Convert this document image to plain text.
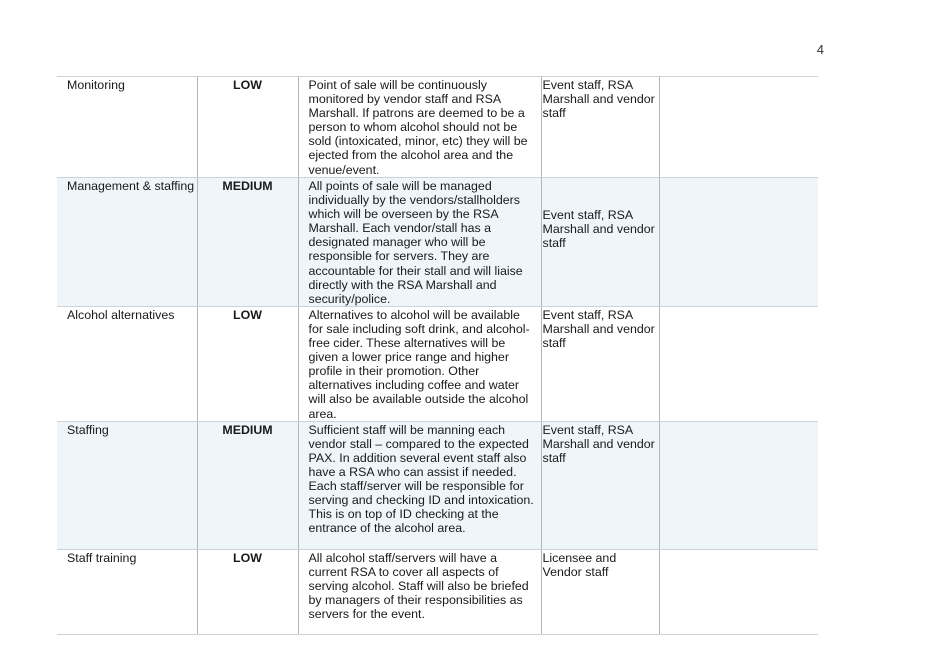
4
Monitoring	LOW	Point of sale will be continuously monitored by vendor staff and RSA Marshall. If patrons are deemed to be a person to whom alcohol should not be sold (intoxicated, minor, etc) they will be ejected from the alcohol area and the venue/event.	Event staff, RSA Marshall and vendor staff	
Management & staffing	MEDIUM	All points of sale will be managed individually by the vendors/stallholders which will be overseen by the RSA Marshall. Each vendor/stall has a designated manager who will be responsible for servers. They are accountable for their stall and will liaise directly with the RSA Marshall and security/police.	Event staff, RSA Marshall and vendor staff	
Alcohol alternatives	LOW	Alternatives to alcohol will be available for sale including soft drink, and alcohol-free cider. These alternatives will be given a lower price range and higher profile in their promotion. Other alternatives including coffee and water will also be available outside the alcohol area.	Event staff, RSA Marshall and vendor staff	
Staffing	MEDIUM	Sufficient staff will be manning each vendor stall – compared to the expected PAX. In addition several event staff also have a RSA who can assist if needed. Each staff/server will be responsible for serving and checking ID and intoxication. This is on top of ID checking at the entrance of the alcohol area.	Event staff, RSA Marshall and vendor staff	
Staff training	LOW	All alcohol staff/servers will have a current RSA to cover all aspects of serving alcohol. Staff will also be briefed by managers of their responsibilities as servers for the event.	Licensee and Vendor staff	
